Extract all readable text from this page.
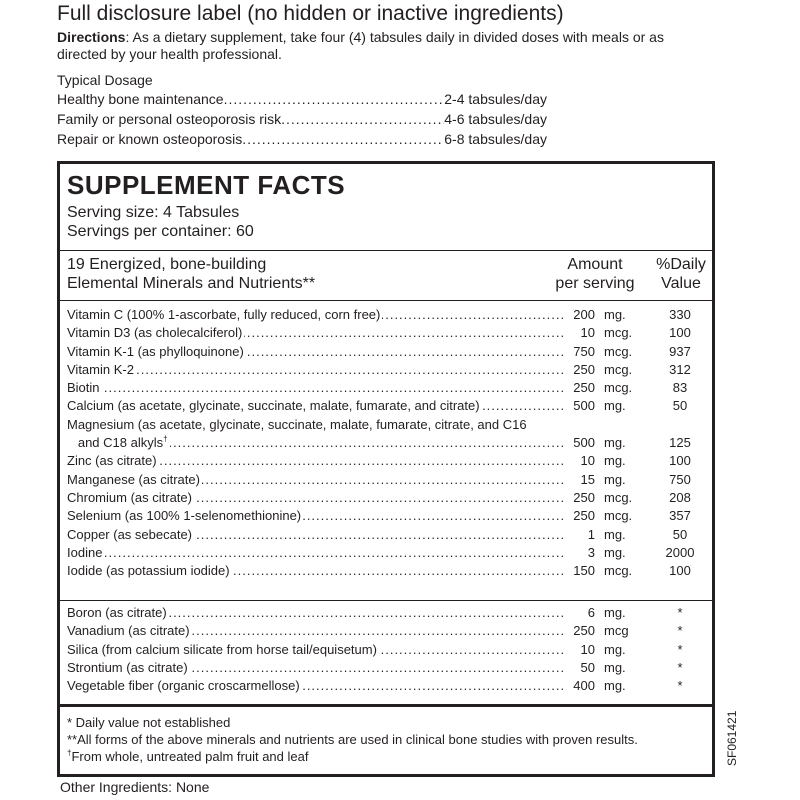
Full disclosure label (no hidden or inactive ingredients)
Directions: As a dietary supplement, take four (4) tabsules daily in divided doses with meals or as directed by your health professional.
Typical Dosage
Healthy bone maintenance .....	2-4 tabsules/day
Family or personal osteoporosis risk .....	4-6 tabsules/day
Repair or known osteoporosis .....	6-8 tabsules/day
SUPPLEMENT FACTS
Serving size: 4 Tabsules
Servings per container: 60
19 Energized, bone-building
Elemental Minerals and Nutrients**
Amount
per serving
%Daily
Value
.....
Vitamin C (100% 1-ascorbate, fully reduced, corn free)	200 mg.	330
.....
Vitamin D3 (as cholecalciferol)	10 mcg.	100
.....
Vitamin K-1 (as phylloquinone)	750 mcg.	937
.....
Vitamin K-2	250 mcg.	312
.....
Biotin	250 mcg.	83
.....
Calcium (as acetate, glycinate, succinate, malate, fumarate, and citrate)	500 mg.	50
Magnesium (as acetate, glycinate, succinate, malate, fumarate, citrate, and C16
.....
and C18 alkyls†	500 mg.	125
.....
Zinc (as citrate)	10 mg.	100
.....
Manganese (as citrate)	15 mg.	750
.....
Chromium (as citrate)	250 mcg.	208
.....
Selenium (as 100% 1-selenomethionine)	250 mcg.	357
.....
Copper (as sebecate)	1 mg.	50
.....
Iodine	3 mg.	2000
.....
Iodide (as potassium iodide)	150 mcg.	100
.....
Boron (as citrate)	6 mg.	*
.....
Vanadium (as citrate)	250 mcg	*
.....
Silica (from calcium silicate from horse tail/equisetum)	10 mg.	*
.....
Strontium (as citrate)	50 mg.	*
.....
Vegetable fiber (organic croscarmellose)	400 mg.	*
* Daily value not established
**All forms of the above minerals and nutrients are used in clinical bone studies with proven results.
†From whole, untreated palm fruit and leaf	SF061421
Other Ingredients: None
